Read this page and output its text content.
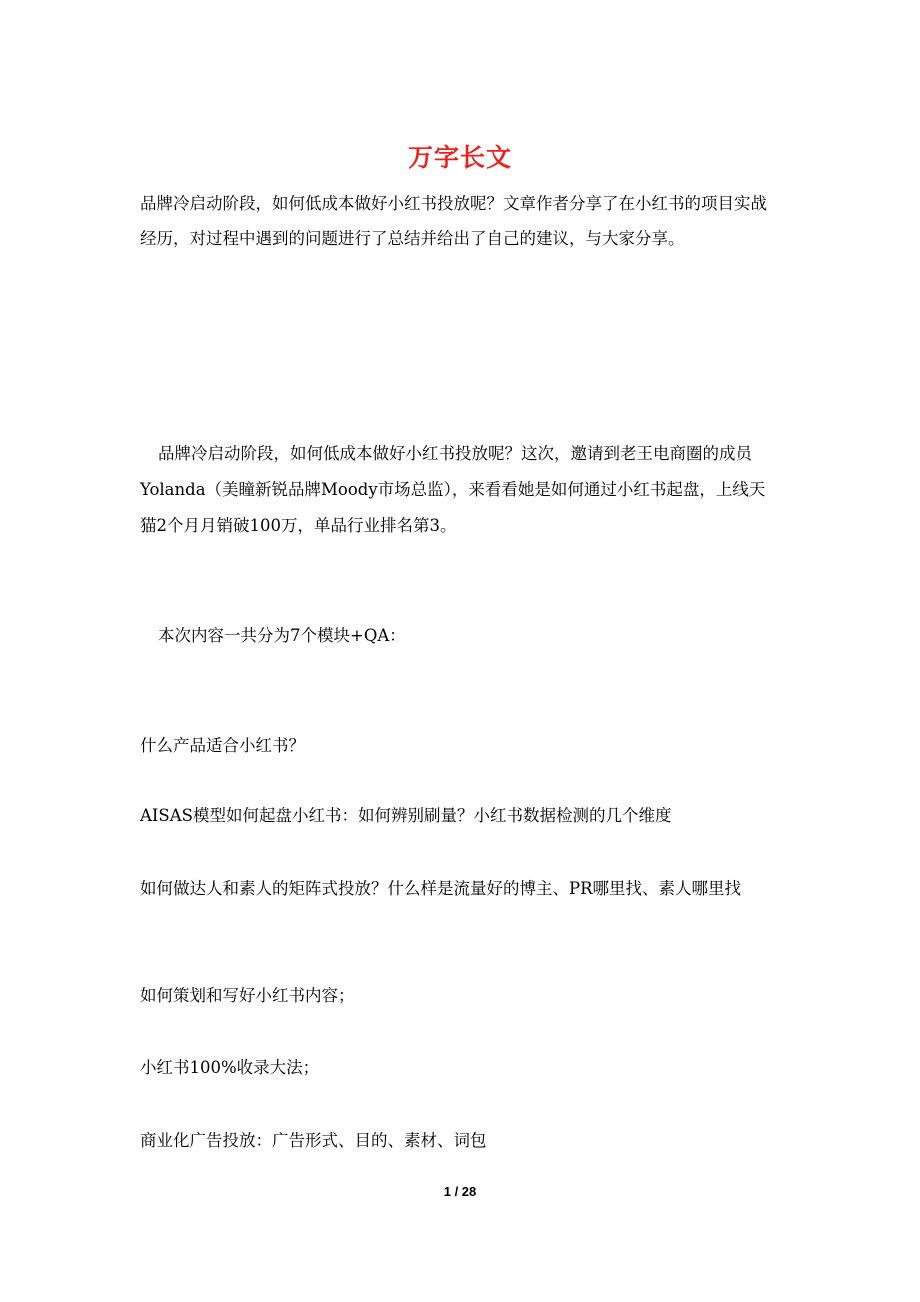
万字长文
品牌冷启动阶段，如何低成本做好小红书投放呢？文章作者分享了在小红书的项目实战经历，对过程中遇到的问题进行了总结并给出了自己的建议，与大家分享。
品牌冷启动阶段，如何低成本做好小红书投放呢？这次，邀请到老王电商圈的成员 Yolanda（美瞳新锐品牌Moody市场总监），来看看她是如何通过小红书起盘，上线天猫2个月月销破100万，单品行业排名第3。
本次内容一共分为7个模块+QA：
什么产品适合小红书？
AISAS模型如何起盘小红书：如何辨别刷量？小红书数据检测的几个维度
如何做达人和素人的矩阵式投放？什么样是流量好的博主、PR哪里找、素人哪里找
如何策划和写好小红书内容；
小红书100%收录大法；
商业化广告投放：广告形式、目的、素材、词包
1 / 28
